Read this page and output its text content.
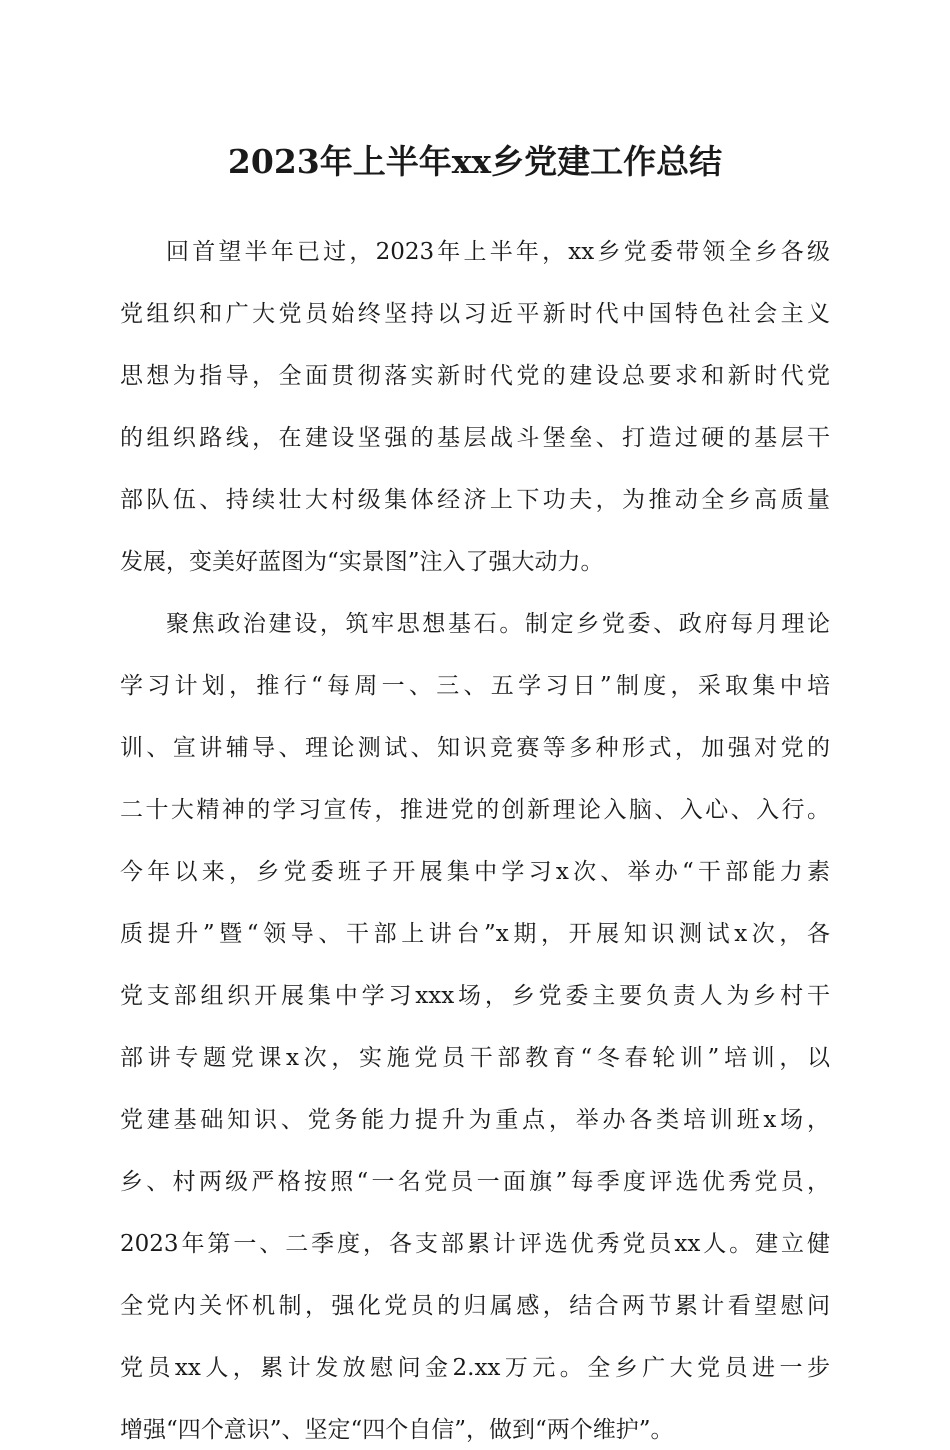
2023年上半年xx乡党建工作总结
回首望半年已过，2023年上半年，xx乡党委带领全乡各级
党组织和广大党员始终坚持以习近平新时代中国特色社会主义
思想为指导，全面贯彻落实新时代党的建设总要求和新时代党
的组织路线，在建设坚强的基层战斗堡垒、打造过硬的基层干
部队伍、持续壮大村级集体经济上下功夫，为推动全乡高质量
发展，变美好蓝图为“实景图”注入了强大动力。
聚焦政治建设，筑牢思想基石。制定乡党委、政府每月理论
学习计划，推行“每周一、三、五学习日”制度，采取集中培
训、宣讲辅导、理论测试、知识竞赛等多种形式，加强对党的
二十大精神的学习宣传，推进党的创新理论入脑、入心、入行。
今年以来，乡党委班子开展集中学习x次、举办“干部能力素
质提升”暨“领导、干部上讲台”x期，开展知识测试x次，各
党支部组织开展集中学习xxx场，乡党委主要负责人为乡村干
部讲专题党课x次，实施党员干部教育“冬春轮训”培训，以
党建基础知识、党务能力提升为重点，举办各类培训班x场，
乡、村两级严格按照“一名党员一面旗”每季度评选优秀党员，
2023年第一、二季度，各支部累计评选优秀党员xx人。建立健
全党内关怀机制，强化党员的归属感，结合两节累计看望慰问
党员xx人，累计发放慰问金2.xx万元。全乡广大党员进一步
增强“四个意识”、坚定“四个自信”，做到“两个维护”。
